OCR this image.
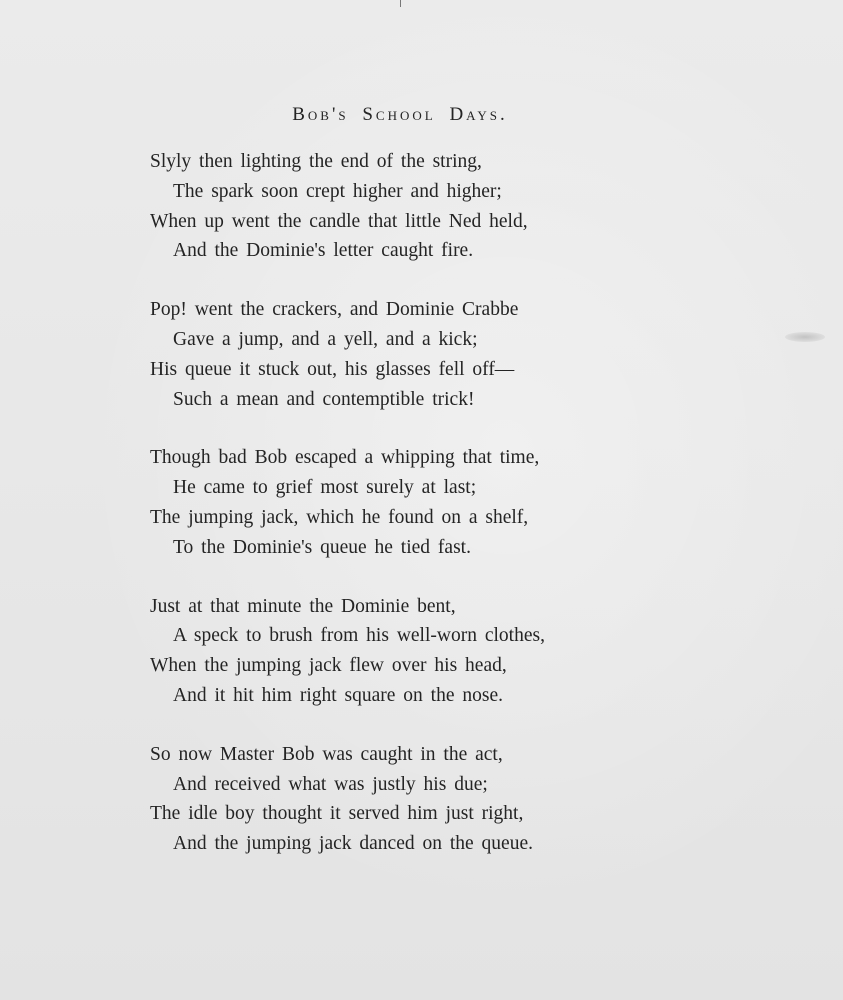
Bob's School Days.
Slyly then lighting the end of the string,
The spark soon crept higher and higher;
When up went the candle that little Ned held,
And the Dominie's letter caught fire.
Pop! went the crackers, and Dominie Crabbe
Gave a jump, and a yell, and a kick;
His queue it stuck out, his glasses fell off—
Such a mean and contemptible trick!
Though bad Bob escaped a whipping that time,
He came to grief most surely at last;
The jumping jack, which he found on a shelf,
To the Dominie's queue he tied fast.
Just at that minute the Dominie bent,
A speck to brush from his well-worn clothes,
When the jumping jack flew over his head,
And it hit him right square on the nose.
So now Master Bob was caught in the act,
And received what was justly his due;
The idle boy thought it served him just right,
And the jumping jack danced on the queue.
